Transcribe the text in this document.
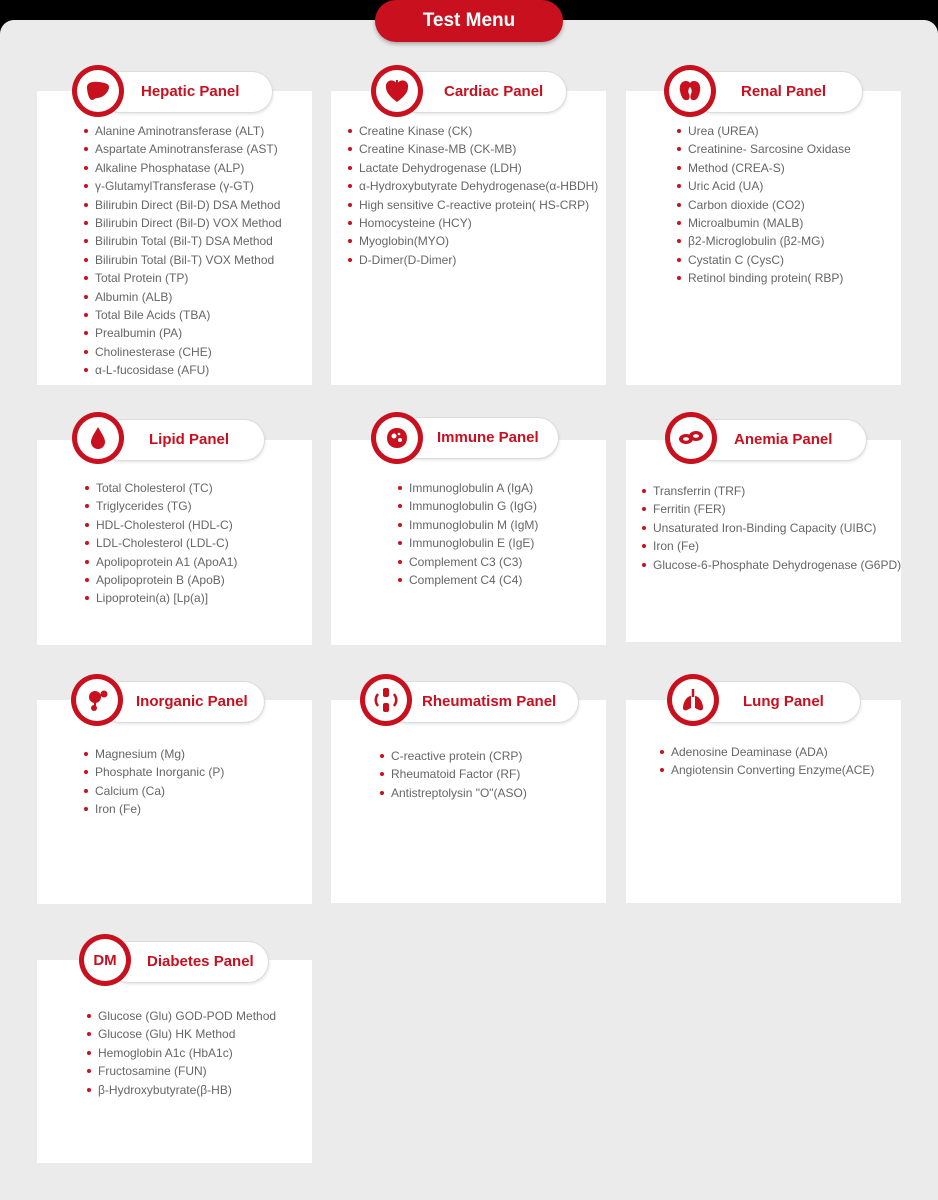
Test Menu
Alanine Aminotransferase (ALT)
Aspartate Aminotransferase (AST)
Alkaline Phosphatase (ALP)
γ-GlutamylTransferase (γ-GT)
Bilirubin Direct (Bil-D) DSA Method
Bilirubin Direct (Bil-D) VOX Method
Bilirubin Total (Bil-T) DSA Method
Bilirubin Total (Bil-T) VOX Method
Total Protein (TP)
Albumin (ALB)
Total Bile Acids (TBA)
Prealbumin (PA)
Cholinesterase (CHE)
α-L-fucosidase (AFU)
Hepatic Panel
Creatine Kinase (CK)
Creatine Kinase-MB (CK-MB)
Lactate Dehydrogenase (LDH)
α-Hydroxybutyrate Dehydrogenase(α-HBDH)
High sensitive C-reactive protein( HS-CRP)
Homocysteine (HCY)
Myoglobin(MYO)
D-Dimer(D-Dimer)
Cardiac Panel
Urea (UREA)
Creatinine- Sarcosine Oxidase
Method (CREA-S)
Uric Acid (UA)
Carbon dioxide (CO2)
Microalbumin (MALB)
β2-Microglobulin (β2-MG)
Cystatin C (CysC)
Retinol binding protein( RBP)
Renal Panel
Total Cholesterol (TC)
Triglycerides (TG)
HDL-Cholesterol (HDL-C)
LDL-Cholesterol (LDL-C)
Apolipoprotein A1 (ApoA1)
Apolipoprotein B (ApoB)
Lipoprotein(a) [Lp(a)]
Lipid Panel
Immunoglobulin A (IgA)
Immunoglobulin G (IgG)
Immunoglobulin M (IgM)
Immunoglobulin E (IgE)
Complement C3 (C3)
Complement C4 (C4)
Immune Panel
Transferrin (TRF)
Ferritin (FER)
Unsaturated Iron-Binding Capacity (UIBC)
Iron (Fe)
Glucose-6-Phosphate Dehydrogenase (G6PD)
Anemia Panel
Magnesium (Mg)
Phosphate Inorganic (P)
Calcium (Ca)
Iron (Fe)
Inorganic Panel
C-reactive protein (CRP)
Rheumatoid Factor (RF)
Antistreptolysin "O"(ASO)
Rheumatism Panel
Adenosine Deaminase (ADA)
Angiotensin Converting Enzyme(ACE)
Lung Panel
Glucose (Glu) GOD-POD Method
Glucose (Glu) HK Method
Hemoglobin A1c (HbA1c)
Fructosamine (FUN)
β-Hydroxybutyrate(β-HB)
Diabetes Panel
DM
